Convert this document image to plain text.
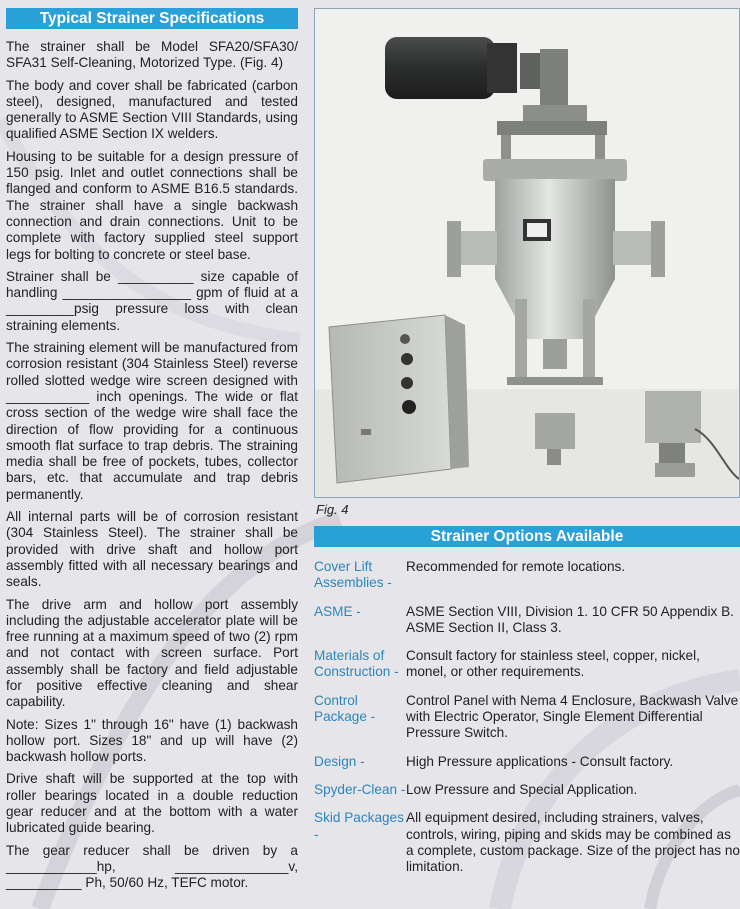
Typical Strainer Specifications

The strainer shall be Model SFA20/SFA30/ SFA31 Self-Cleaning, Motorized Type. (Fig. 4)

The body and cover shall be fabricated (carbon steel), designed, manufactured and tested generally to ASME Section VIII Standards, using qualified ASME Section IX welders.

Housing to be suitable for a design pressure of 150 psig. Inlet and outlet connections shall be flanged and conform to ASME B16.5 standards. The strainer shall have a single backwash connection and drain connections. Unit to be complete with factory supplied steel support legs for bolting to concrete or steel base.

Strainer shall be __________ size capable of handling _________________ gpm of fluid at a _________psig pressure loss with clean straining elements.

The straining element will be manufactured from corrosion resistant (304 Stainless Steel) reverse rolled slotted wedge wire screen designed with ___________ inch openings. The wide or flat cross section of the wedge wire shall face the direction of flow providing for a continuous smooth flat surface to trap debris. The straining media shall be free of pockets, tubes, collector bars, etc. that accumulate and trap debris permanently.

All internal parts will be of corrosion resistant (304 Stainless Steel). The strainer shall be provided with drive shaft and hollow port assembly fitted with all necessary bearings and seals.

The drive arm and hollow port assembly including the adjustable accelerator plate will be free running at a maximum speed of two (2) rpm and not contact with screen surface. Port assembly shall be factory and field adjustable for positive effective cleaning and shear capability.

Note: Sizes 1" through 16" have (1) backwash hollow port. Sizes 18" and up will have (2) backwash hollow ports.

Drive shaft will be supported at the top with roller bearings located in a double reduction gear reducer and at the bottom with a water lubricated guide bearing.

The gear reducer shall be driven by a ____________hp, _______________v, __________ Ph, 50/60 Hz, TEFC motor.

Fig. 4
Strainer Options Available
Cover Lift Assemblies -	Recommended for remote locations.

ASME -	ASME Section VIII, Division 1. 10 CFR 50 Appendix B. ASME Section II, Class 3.

Materials of Construction -	Consult factory for stainless steel, copper, nickel, monel, or other requirements.

Control Package -	Control Panel with Nema 4 Enclosure, Backwash Valve with Electric Operator, Single Element Differential Pressure Switch.

Design -	High Pressure applications - Consult factory.

Spyder-Clean -	Low Pressure and Special Application.

Skid Packages -	All equipment desired, including strainers, valves, controls, wiring, piping and skids may be combined as a complete, custom package. Size of the project has no limitation.
